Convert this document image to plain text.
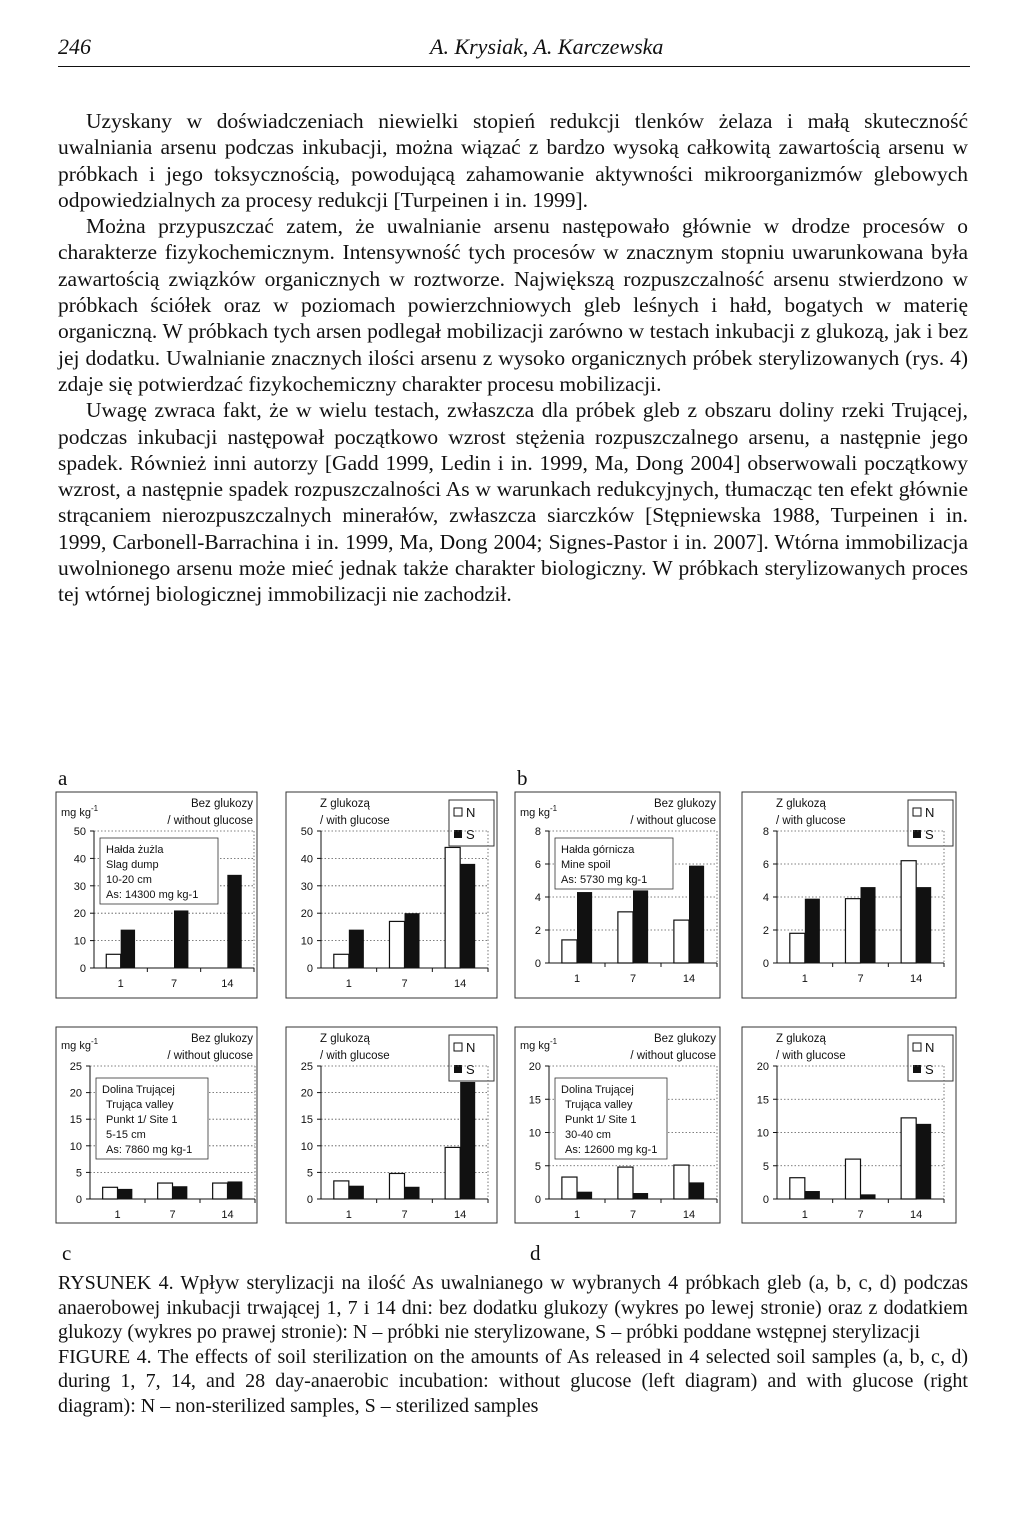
246	A. Krysiak, A. Karczewska

Uzyskany w doświadczeniach niewielki stopień redukcji tlenków żelaza i małą skuteczność uwalniania arsenu podczas inkubacji, można wiązać z bardzo wysoką całkowitą zawartością arsenu w próbkach i jego toksycznością, powodującą zahamowanie aktywności mikroorganizmów glebowych odpowiedzialnych za procesy redukcji [Turpeinen i in. 1999].

Można przypuszczać zatem, że uwalnianie arsenu następowało głównie w drodze procesów o charakterze fizykochemicznym. Intensywność tych procesów w znacznym stopniu uwarunkowana była zawartością związków organicznych w roztworze. Największą rozpuszczalność arsenu stwierdzono w próbkach ściółek oraz w poziomach powierzchniowych gleb leśnych i hałd, bogatych w materię organiczną. W próbkach tych arsen podlegał mobilizacji zarówno w testach inkubacji z glukozą, jak i bez jej dodatku. Uwalnianie znacznych ilości arsenu z wysoko organicznych próbek sterylizowanych (rys. 4) zdaje się potwierdzać fizykochemiczny charakter procesu mobilizacji.

Uwagę zwraca fakt, że w wielu testach, zwłaszcza dla próbek gleb z obszaru doliny rzeki Trującej, podczas inkubacji następował początkowo wzrost stężenia rozpuszczalnego arsenu, a następnie jego spadek. Również inni autorzy [Gadd 1999, Ledin i in. 1999, Ma, Dong 2004] obserwowali początkowy wzrost, a następnie spadek rozpuszczalności As w warunkach redukcyjnych, tłumacząc ten efekt głównie strącaniem nierozpuszczalnych minerałów, zwłaszcza siarczków [Stępniewska 1988, Turpeinen i in. 1999, Carbonell-Barrachina i in. 1999, Ma, Dong 2004; Signes-Pastor i in. 2007]. Wtórna immobilizacja uwolnionego arsenu może mieć jednak także charakter biologiczny. W próbkach sterylizowanych proces tej wtórnej biologicznej immobilizacji nie zachodził.

a	b
c	d
Bez glukozy
/ without glucose
mg $kg^{-1}$
0
10
20
30
40
50
1	7	14
Hałda żużla
Slag dump
10-20 cm
As: 14300 mg kg-1
Z glukozą
/ with glucose
N
S
0
10
20
30
40
50
1	7	14
Bez glukozy
/ without glucose
mg $kg^{-1}$
0
2
4
6
8
1	7	14
Hałda górnicza
Mine spoil
As: 5730 mg kg-1
Z glukozą
/ with glucose
N
S
0
2
4
6
8
1	7	14
Bez glukozy
/ without glucose
mg $kg^{-1}$
0
5
10
15
20
25
1	7	14
Dolina Trującej
Trująca valley
Punkt 1/ Site 1
5-15 cm
As: 7860 mg kg-1
Z glukozą
/ with glucose
N
S
0
5
10
15
20
25
1	7	14
Bez glukozy
/ without glucose
mg $kg^{-1}$
0
5
10
15
20
1	7	14
Dolina Trującej
Trująca valley
Punkt 1/ Site 1
30-40 cm
As: 12600 mg kg-1
Z glukozą
/ with glucose
N
S
0
5
10
15
20
1	7	14

RYSUNEK 4. Wpływ sterylizacji na ilość As uwalnianego w wybranych 4 próbkach gleb (a, b, c, d) podczas anaerobowej inkubacji trwającej 1, 7 i 14 dni: bez dodatku glukozy (wykres po lewej stronie) oraz z dodatkiem glukozy (wykres po prawej stronie): N – próbki nie sterylizowane, S – próbki poddane wstępnej sterylizacji

FIGURE 4. The effects of soil sterilization on the amounts of As released in 4 selected soil samples (a, b, c, d) during 1, 7, 14, and 28 day-anaerobic incubation: without glucose (left diagram) and with glucose (right diagram): N – non-sterilized samples, S – sterilized samples
